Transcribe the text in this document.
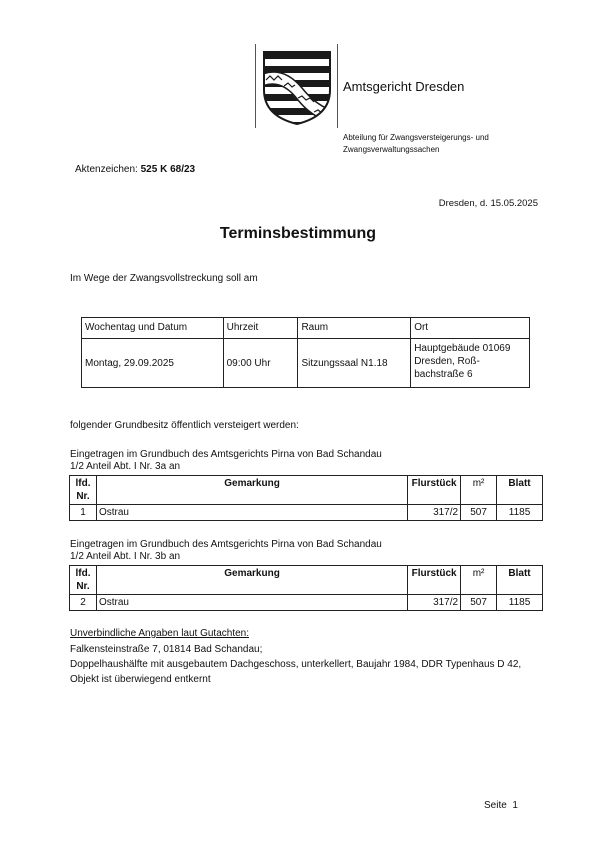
Amtsgericht Dresden
Abteilung für Zwangsversteigerungs- und Zwangsverwaltungssachen
Aktenzeichen: 525 K 68/23
Dresden, d. 15.05.2025
Terminsbestimmung
Im Wege der Zwangsvollstreckung soll am
Wochentag und Datum	Uhrzeit	Raum	Ort
Montag, 29.09.2025	09:00 Uhr	Sitzungssaal N1.18	Hauptgebäude 01069 Dresden, Roß-bachstraße 6
folgender Grundbesitz öffentlich versteigert werden:
Eingetragen im Grundbuch des Amtsgerichts Pirna von Bad Schandau
1/2 Anteil Abt. I Nr. 3a an
lfd. Nr.	Gemarkung	Flurstück	m²	Blatt
1	Ostrau	317/2	507	1185
Eingetragen im Grundbuch des Amtsgerichts Pirna von Bad Schandau
1/2 Anteil Abt. I Nr. 3b an
lfd. Nr.	Gemarkung	Flurstück	m²	Blatt
2	Ostrau	317/2	507	1185
Unverbindliche Angaben laut Gutachten:
Falkensteinstraße 7, 01814 Bad Schandau;
Doppelhaushälfte mit ausgebautem Dachgeschoss, unterkellert, Baujahr 1984, DDR Typenhaus D 42, Objekt ist überwiegend entkernt
Seite  1
